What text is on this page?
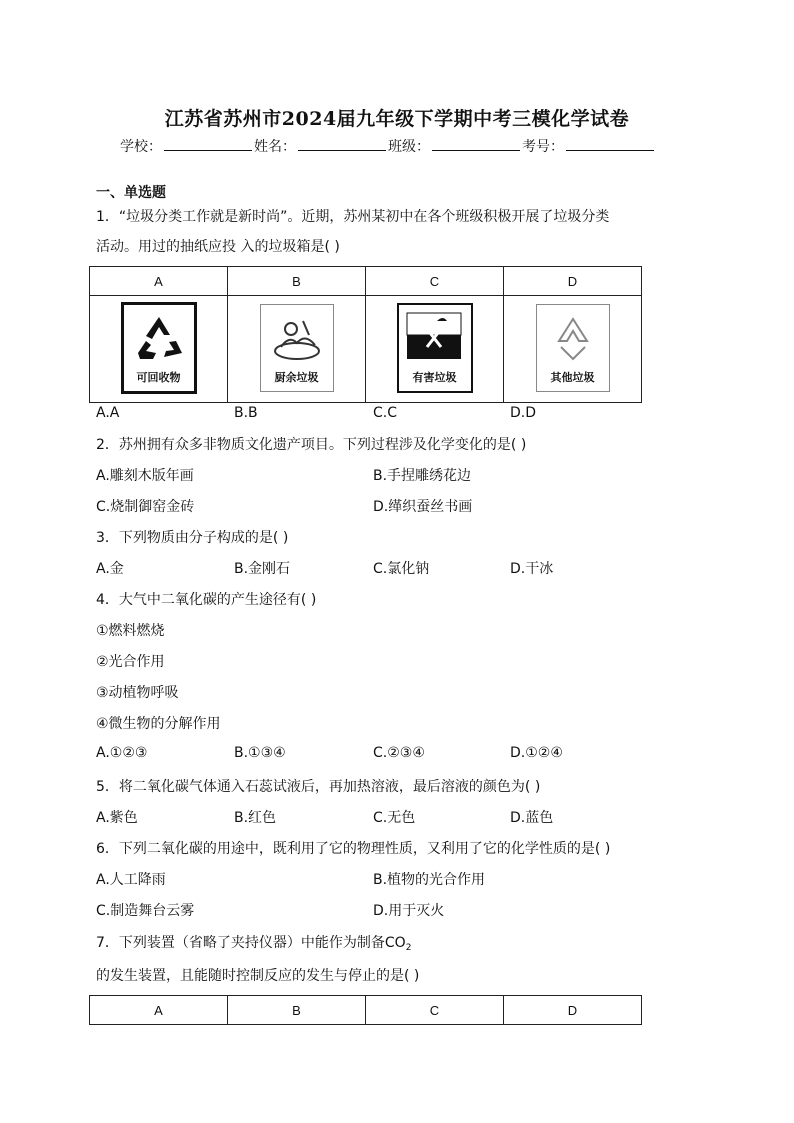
江苏省苏州市2024届九年级下学期中考三模化学试卷
学校：	姓名：	班级：	考号：
一、单选题
1．“垃圾分类工作就是新时尚”。近期，苏州某初中在各个班级积极开展了垃圾分类
活动。用过的抽纸应投 入的垃圾箱是( )
A	B	C	D

可回收物	厨余垃圾	有害垃圾	其他垃圾
A.A	B.B	C.C	D.D
2．苏州拥有众多非物质文化遗产项目。下列过程涉及化学变化的是( )
A.雕刻木版年画	B.手捏雕绣花边
C.烧制御窑金砖	D.缂织蚕丝书画
3．下列物质由分子构成的是( )
A.金	B.金刚石	C.氯化钠	D.干冰
4．大气中二氧化碳的产生途径有( )
①燃料燃烧
②光合作用
③动植物呼吸
④微生物的分解作用
A.①②③	B.①③④	C.②③④	D.①②④
5．将二氧化碳气体通入石蕊试液后，再加热溶液，最后溶液的颜色为( )
A.紫色	B.红色	C.无色	D.蓝色
6．下列二氧化碳的用途中，既利用了它的物理性质，又利用了它的化学性质的是( )
A.人工降雨	B.植物的光合作用
C.制造舞台云雾	D.用于灭火
7．下列装置（省略了夹持仪器）中能作为制备$CO_2$
的发生装置，且能随时控制反应的发生与停止的是( )
A	B	C	D
